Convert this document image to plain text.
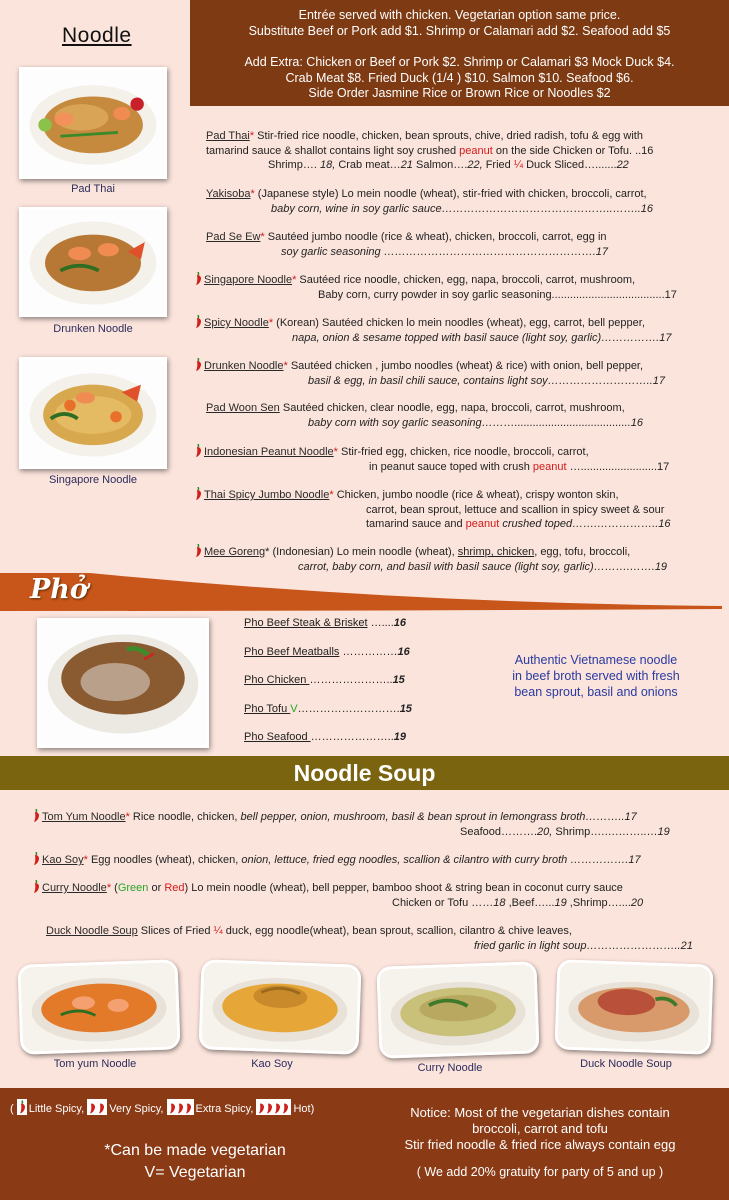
Noodle
Entrée served with chicken. Vegetarian option same price.
Substitute Beef or Pork add $1. Shrimp or Calamari add $2. Seafood add $5
Add Extra: Chicken or Beef or Pork $2. Shrimp or Calamari $3 Mock Duck $4.
Crab Meat $8. Fried Duck (1/4 ) $10. Salmon $10. Seafood $6.
Side Order Jasmine Rice or Brown Rice or Noodles $2
Pad Thai
Drunken Noodle
Singapore Noodle
Pad Thai* Stir-fried rice noodle, chicken, bean sprouts, chive, dried radish, tofu & egg with
tamarind sauce & shallot contains light soy crushed peanut on the side Chicken or Tofu. ..16
Shrimp…. 18, Crab meat…21 Salmon….22, Fried ¼ Duck Sliced….......22
Yakisoba* (Japanese style) Lo mein noodle (wheat), stir-fried with chicken, broccoli, carrot,
baby corn, wine in soy garlic sauce………………………………………..……..16
Pad Se Ew* Sautéed jumbo noodle (rice & wheat), chicken, broccoli, carrot, egg in
soy garlic seasoning ………………………………………………….17
Singapore Noodle* Sautéed rice noodle, chicken, egg, napa, broccoli, carrot, mushroom,
Baby corn, curry powder in soy garlic seasoning.....................................17
Spicy Noodle* (Korean) Sautéed chicken lo mein noodles (wheat), egg, carrot, bell pepper,
napa, onion & sesame topped with basil sauce (light soy, garlic)…………….17
Drunken Noodle* Sautéed chicken , jumbo noodles (wheat) & rice) with onion, bell pepper,
basil & egg, in basil chili sauce, contains light soy………………………..17
Pad Woon Sen Sautéed chicken, clear noodle, egg, napa, broccoli, carrot, mushroom,
baby corn with soy garlic seasoning………......................................16
Indonesian Peanut Noodle* Stir-fried egg, chicken, rice noodle, broccoli, carrot,
in peanut sauce toped with crush peanut ….........................17
Thai Spicy Jumbo Noodle* Chicken, jumbo noodle (rice & wheat), crispy wonton skin,
carrot, bean sprout, lettuce and scallion in spicy sweet & sour
tamarind sauce and peanut crushed toped…….……………..16
Mee Goreng* (Indonesian) Lo mein noodle (wheat), shrimp, chicken, egg, tofu, broccoli,
carrot, baby corn, and basil with basil sauce (light soy, garlic)……….…….19
Phở
Pho Beef Steak & Brisket …....16
Pho Beef Meatballs ……………16
Pho Chicken …………………..15
Pho Tofu V……………………….15
Pho Seafood …………………..19
Authentic Vietnamese noodle
in beef broth served with fresh
bean sprout, basil and onions
Noodle Soup
Tom Yum Noodle* Rice noodle, chicken, bell pepper, onion, mushroom, basil & bean sprout in lemongrass broth………..17
Seafood……….20, Shrimp….….……..…19
Kao Soy* Egg noodles (wheat), chicken, onion, lettuce, fried egg noodles, scallion & cilantro with curry broth …………….17
Curry Noodle* (Green or Red) Lo mein noodle (wheat), bell pepper, bamboo shoot & string bean in coconut curry sauce
Chicken or Tofu ……18 ,Beef…...19 ,Shrimp…....20
Duck Noodle Soup Slices of Fried ¼ duck, egg noodle(wheat), bean sprout, scallion, cilantro & chive leaves,
fried garlic in light soup……………………..21
Tom yum Noodle	Kao Soy	Curry Noodle	Duck Noodle Soup
( Little Spicy, Very Spicy,	Extra Spicy,	Hot)
*Can be made vegetarian
V= Vegetarian
Notice: Most of the vegetarian dishes contain
broccoli, carrot and tofu
Stir fried noodle & fried rice always contain egg
( We add 20% gratuity for party of 5 and up )
